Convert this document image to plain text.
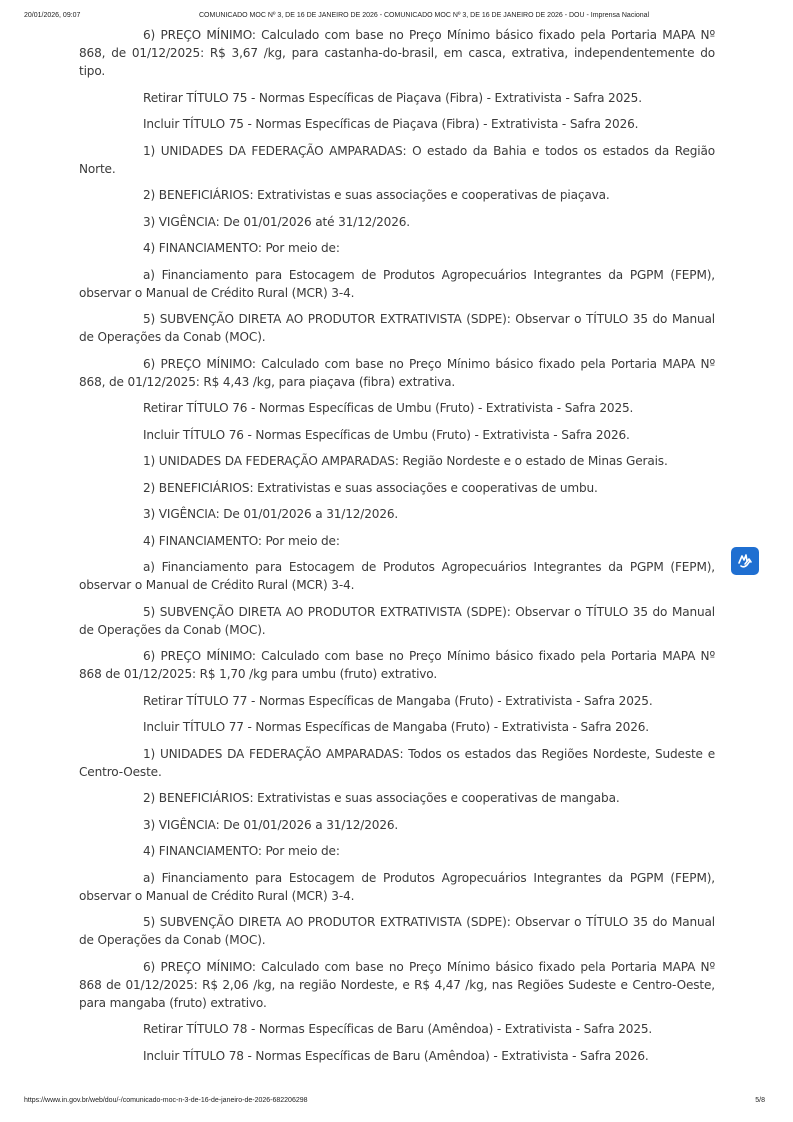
20/01/2026, 09:07	COMUNICADO MOC Nº 3, DE 16 DE JANEIRO DE 2026 - COMUNICADO MOC Nº 3, DE 16 DE JANEIRO DE 2026 - DOU - Imprensa Nacional

6) PREÇO MÍNIMO: Calculado com base no Preço Mínimo básico fixado pela Portaria MAPA Nº 868, de 01/12/2025: R$ 3,67 /kg, para castanha-do-brasil, em casca, extrativa, independentemente do tipo.

Retirar TÍTULO 75 - Normas Específicas de Piaçava (Fibra) - Extrativista - Safra 2025.

Incluir TÍTULO 75 - Normas Específicas de Piaçava (Fibra) - Extrativista - Safra 2026.

1) UNIDADES DA FEDERAÇÃO AMPARADAS: O estado da Bahia e todos os estados da Região Norte.

2) BENEFICIÁRIOS: Extrativistas e suas associações e cooperativas de piaçava.

3) VIGÊNCIA: De 01/01/2026 até 31/12/2026.

4) FINANCIAMENTO: Por meio de:

a) Financiamento para Estocagem de Produtos Agropecuários Integrantes da PGPM (FEPM), observar o Manual de Crédito Rural (MCR) 3-4.

5) SUBVENÇÃO DIRETA AO PRODUTOR EXTRATIVISTA (SDPE): Observar o TÍTULO 35 do Manual de Operações da Conab (MOC).

6) PREÇO MÍNIMO: Calculado com base no Preço Mínimo básico fixado pela Portaria MAPA Nº 868, de 01/12/2025: R$ 4,43 /kg, para piaçava (fibra) extrativa.

Retirar TÍTULO 76 - Normas Específicas de Umbu (Fruto) - Extrativista - Safra 2025.

Incluir TÍTULO 76 - Normas Específicas de Umbu (Fruto) - Extrativista - Safra 2026.

1) UNIDADES DA FEDERAÇÃO AMPARADAS: Região Nordeste e o estado de Minas Gerais.

2) BENEFICIÁRIOS: Extrativistas e suas associações e cooperativas de umbu.

3) VIGÊNCIA: De 01/01/2026 a 31/12/2026.

4) FINANCIAMENTO: Por meio de:

a) Financiamento para Estocagem de Produtos Agropecuários Integrantes da PGPM (FEPM), observar o Manual de Crédito Rural (MCR) 3-4.

5) SUBVENÇÃO DIRETA AO PRODUTOR EXTRATIVISTA (SDPE): Observar o TÍTULO 35 do Manual de Operações da Conab (MOC).

6) PREÇO MÍNIMO: Calculado com base no Preço Mínimo básico fixado pela Portaria MAPA Nº 868 de 01/12/2025: R$ 1,70 /kg para umbu (fruto) extrativo.

Retirar TÍTULO 77 - Normas Específicas de Mangaba (Fruto) - Extrativista - Safra 2025.

Incluir TÍTULO 77 - Normas Específicas de Mangaba (Fruto) - Extrativista - Safra 2026.

1) UNIDADES DA FEDERAÇÃO AMPARADAS: Todos os estados das Regiões Nordeste, Sudeste e Centro-Oeste.

2) BENEFICIÁRIOS: Extrativistas e suas associações e cooperativas de mangaba.

3) VIGÊNCIA: De 01/01/2026 a 31/12/2026.

4) FINANCIAMENTO: Por meio de:

a) Financiamento para Estocagem de Produtos Agropecuários Integrantes da PGPM (FEPM), observar o Manual de Crédito Rural (MCR) 3-4.

5) SUBVENÇÃO DIRETA AO PRODUTOR EXTRATIVISTA (SDPE): Observar o TÍTULO 35 do Manual de Operações da Conab (MOC).

6) PREÇO MÍNIMO: Calculado com base no Preço Mínimo básico fixado pela Portaria MAPA Nº 868 de 01/12/2025: R$ 2,06 /kg, na região Nordeste, e R$ 4,47 /kg, nas Regiões Sudeste e Centro-Oeste, para mangaba (fruto) extrativo.

Retirar TÍTULO 78 - Normas Específicas de Baru (Amêndoa) - Extrativista - Safra 2025.

Incluir TÍTULO 78 - Normas Específicas de Baru (Amêndoa) - Extrativista - Safra 2026.

https://www.in.gov.br/web/dou/-/comunicado-moc-n-3-de-16-de-janeiro-de-2026-682206298	5/8
